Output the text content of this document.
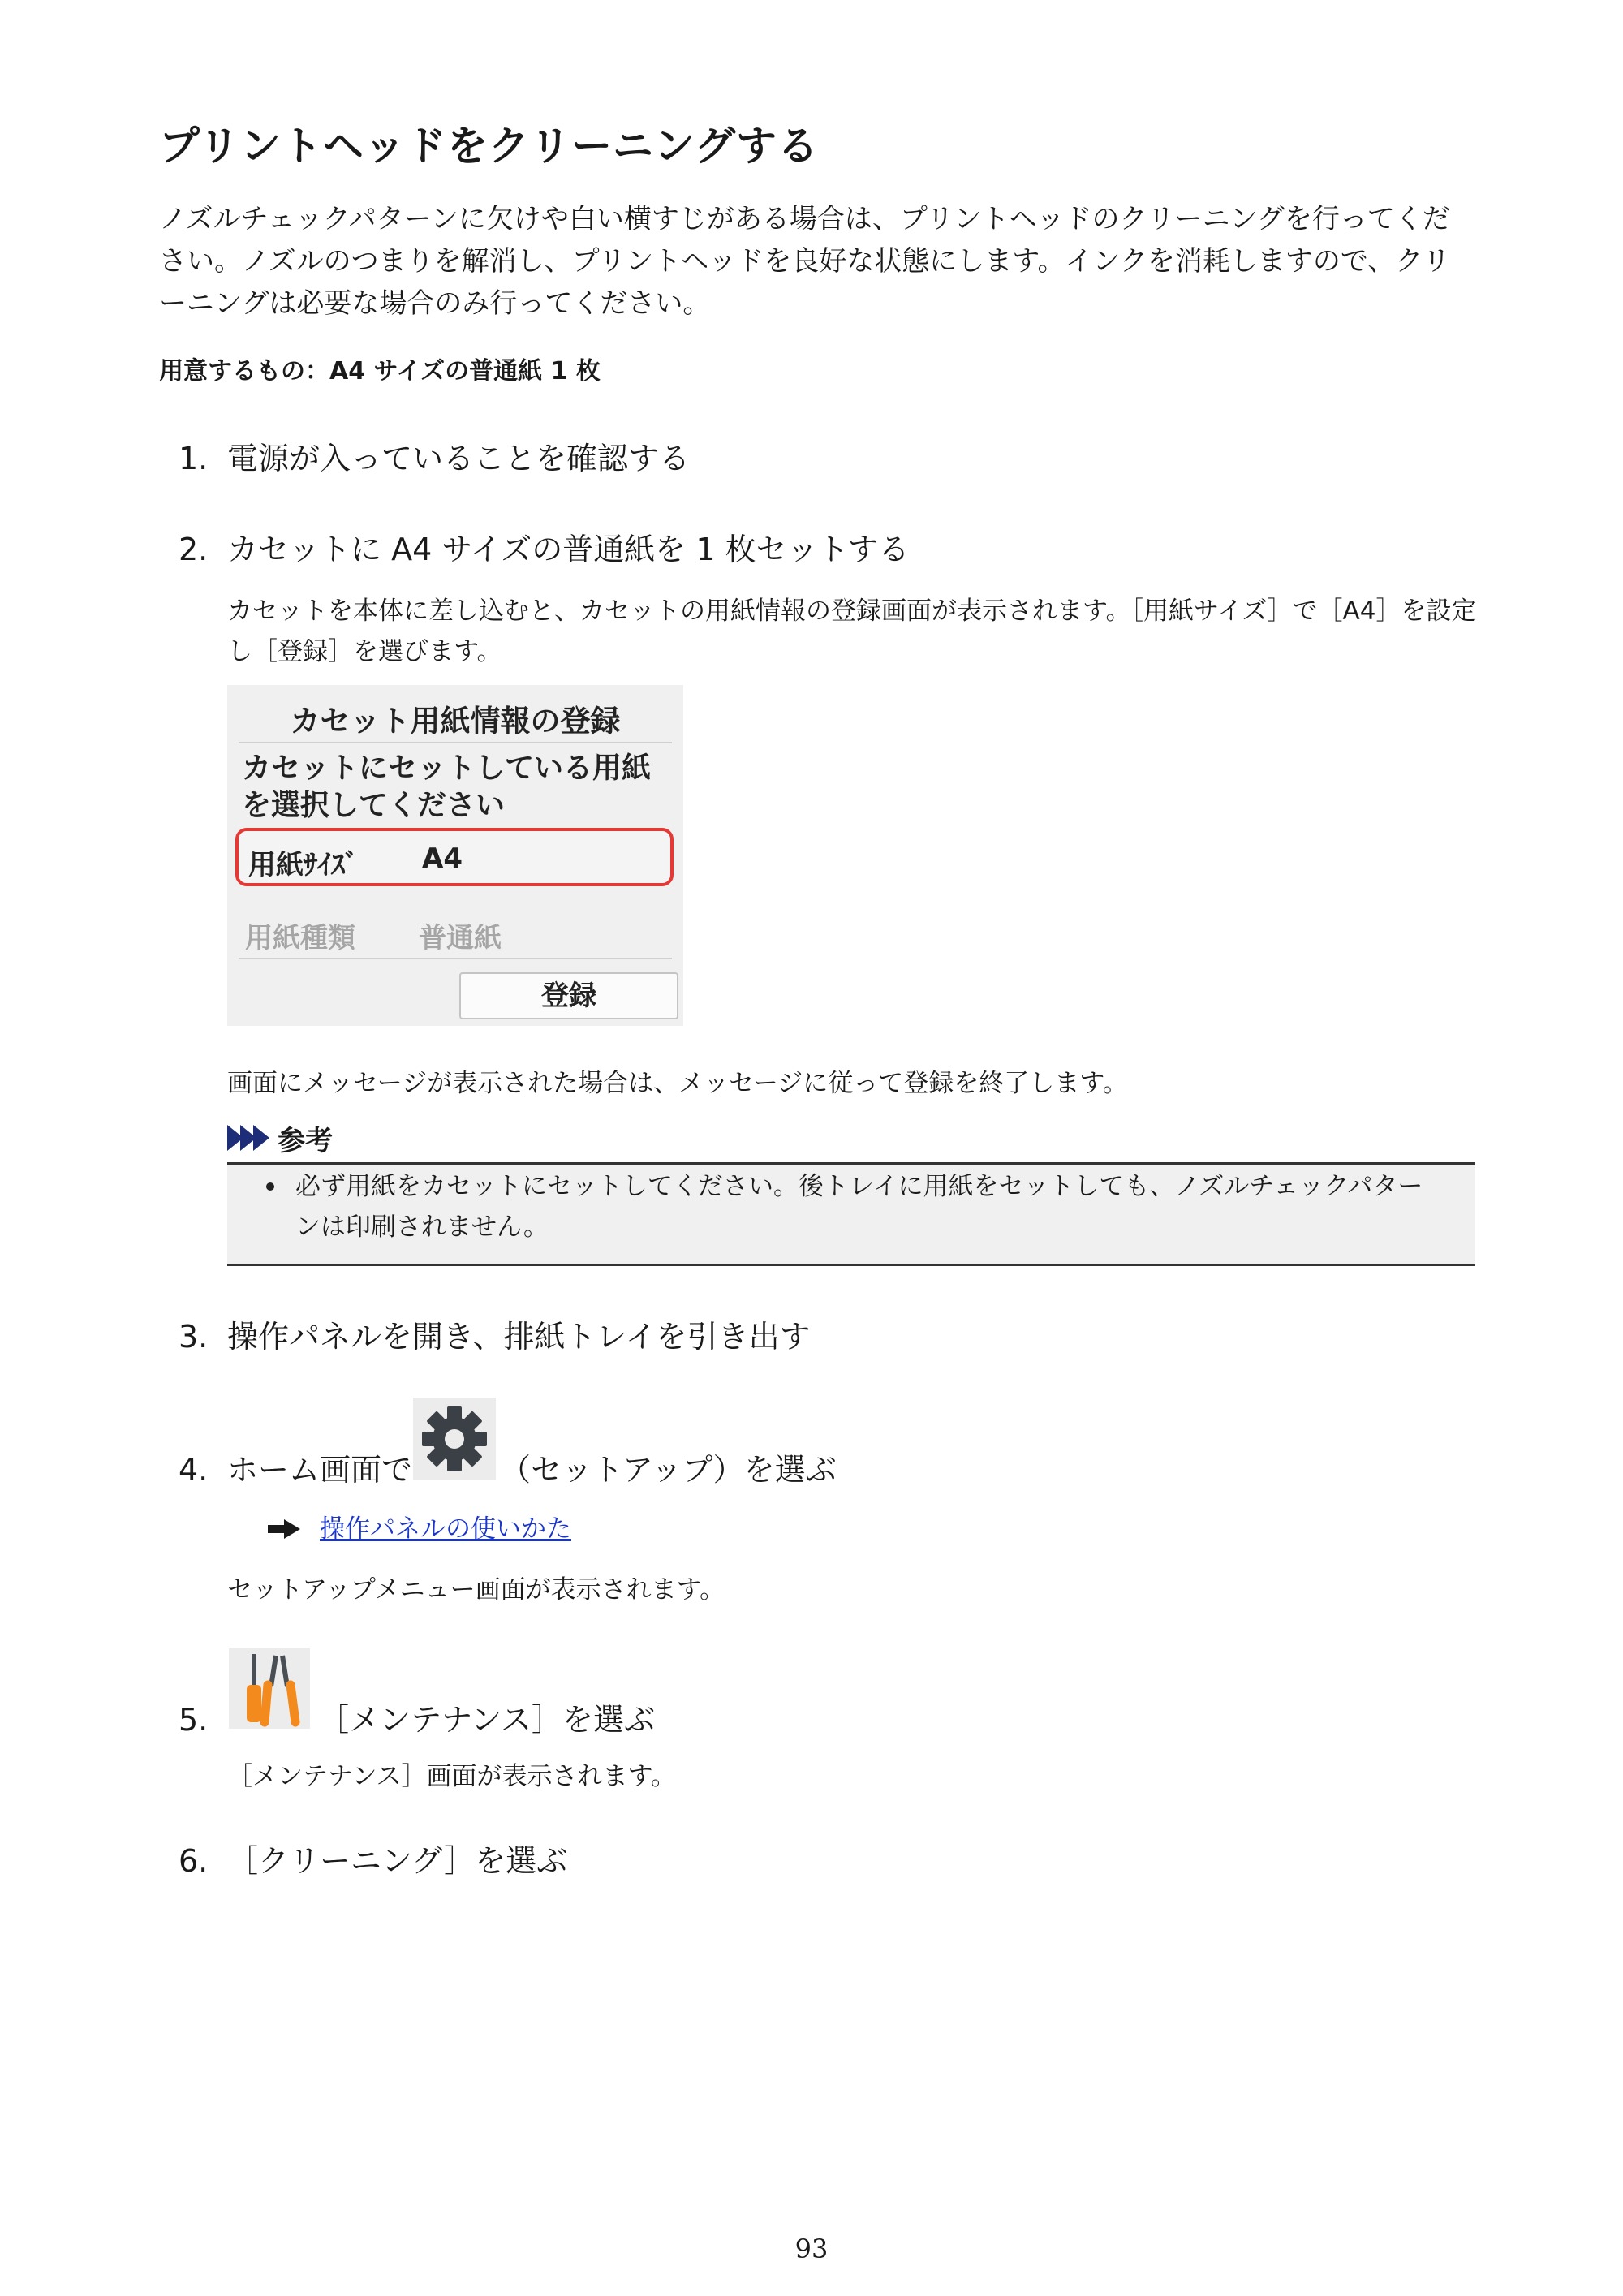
プリントヘッドをクリーニングする

ノズルチェックパターンに欠けや白い横すじがある場合は、プリントヘッドのクリーニングを行ってください。ノズルのつまりを解消し、プリントヘッドを良好な状態にします。インクを消耗しますので、クリーニングは必要な場合のみ行ってください。

用意するもの：A4 サイズの普通紙 1 枚

1. 電源が入っていることを確認する
2. カセットに A4 サイズの普通紙を 1 枚セットする

カセットを本体に差し込むと、カセットの用紙情報の登録画面が表示されます。［用紙サイズ］で［A4］を設定し［登録］を選びます。

カセット用紙情報の登録
カセットにセットしている用紙
を選択してください
用紙ｻｲｽﾞ A4
用紙種類 普通紙
登録

画面にメッセージが表示された場合は、メッセージに従って登録を終了します。

参考

必ず用紙をカセットにセットしてください。後トレイに用紙をセットしても、ノズルチェックパターンは印刷されません。

3. 操作パネルを開き、排紙トレイを引き出す
4. ホーム画面で	（セットアップ）を選ぶ
操作パネルの使いかた

セットアップメニュー画面が表示されます。

5.	［メンテナンス］を選ぶ

［メンテナンス］画面が表示されます。

6. ［クリーニング］を選ぶ
93
